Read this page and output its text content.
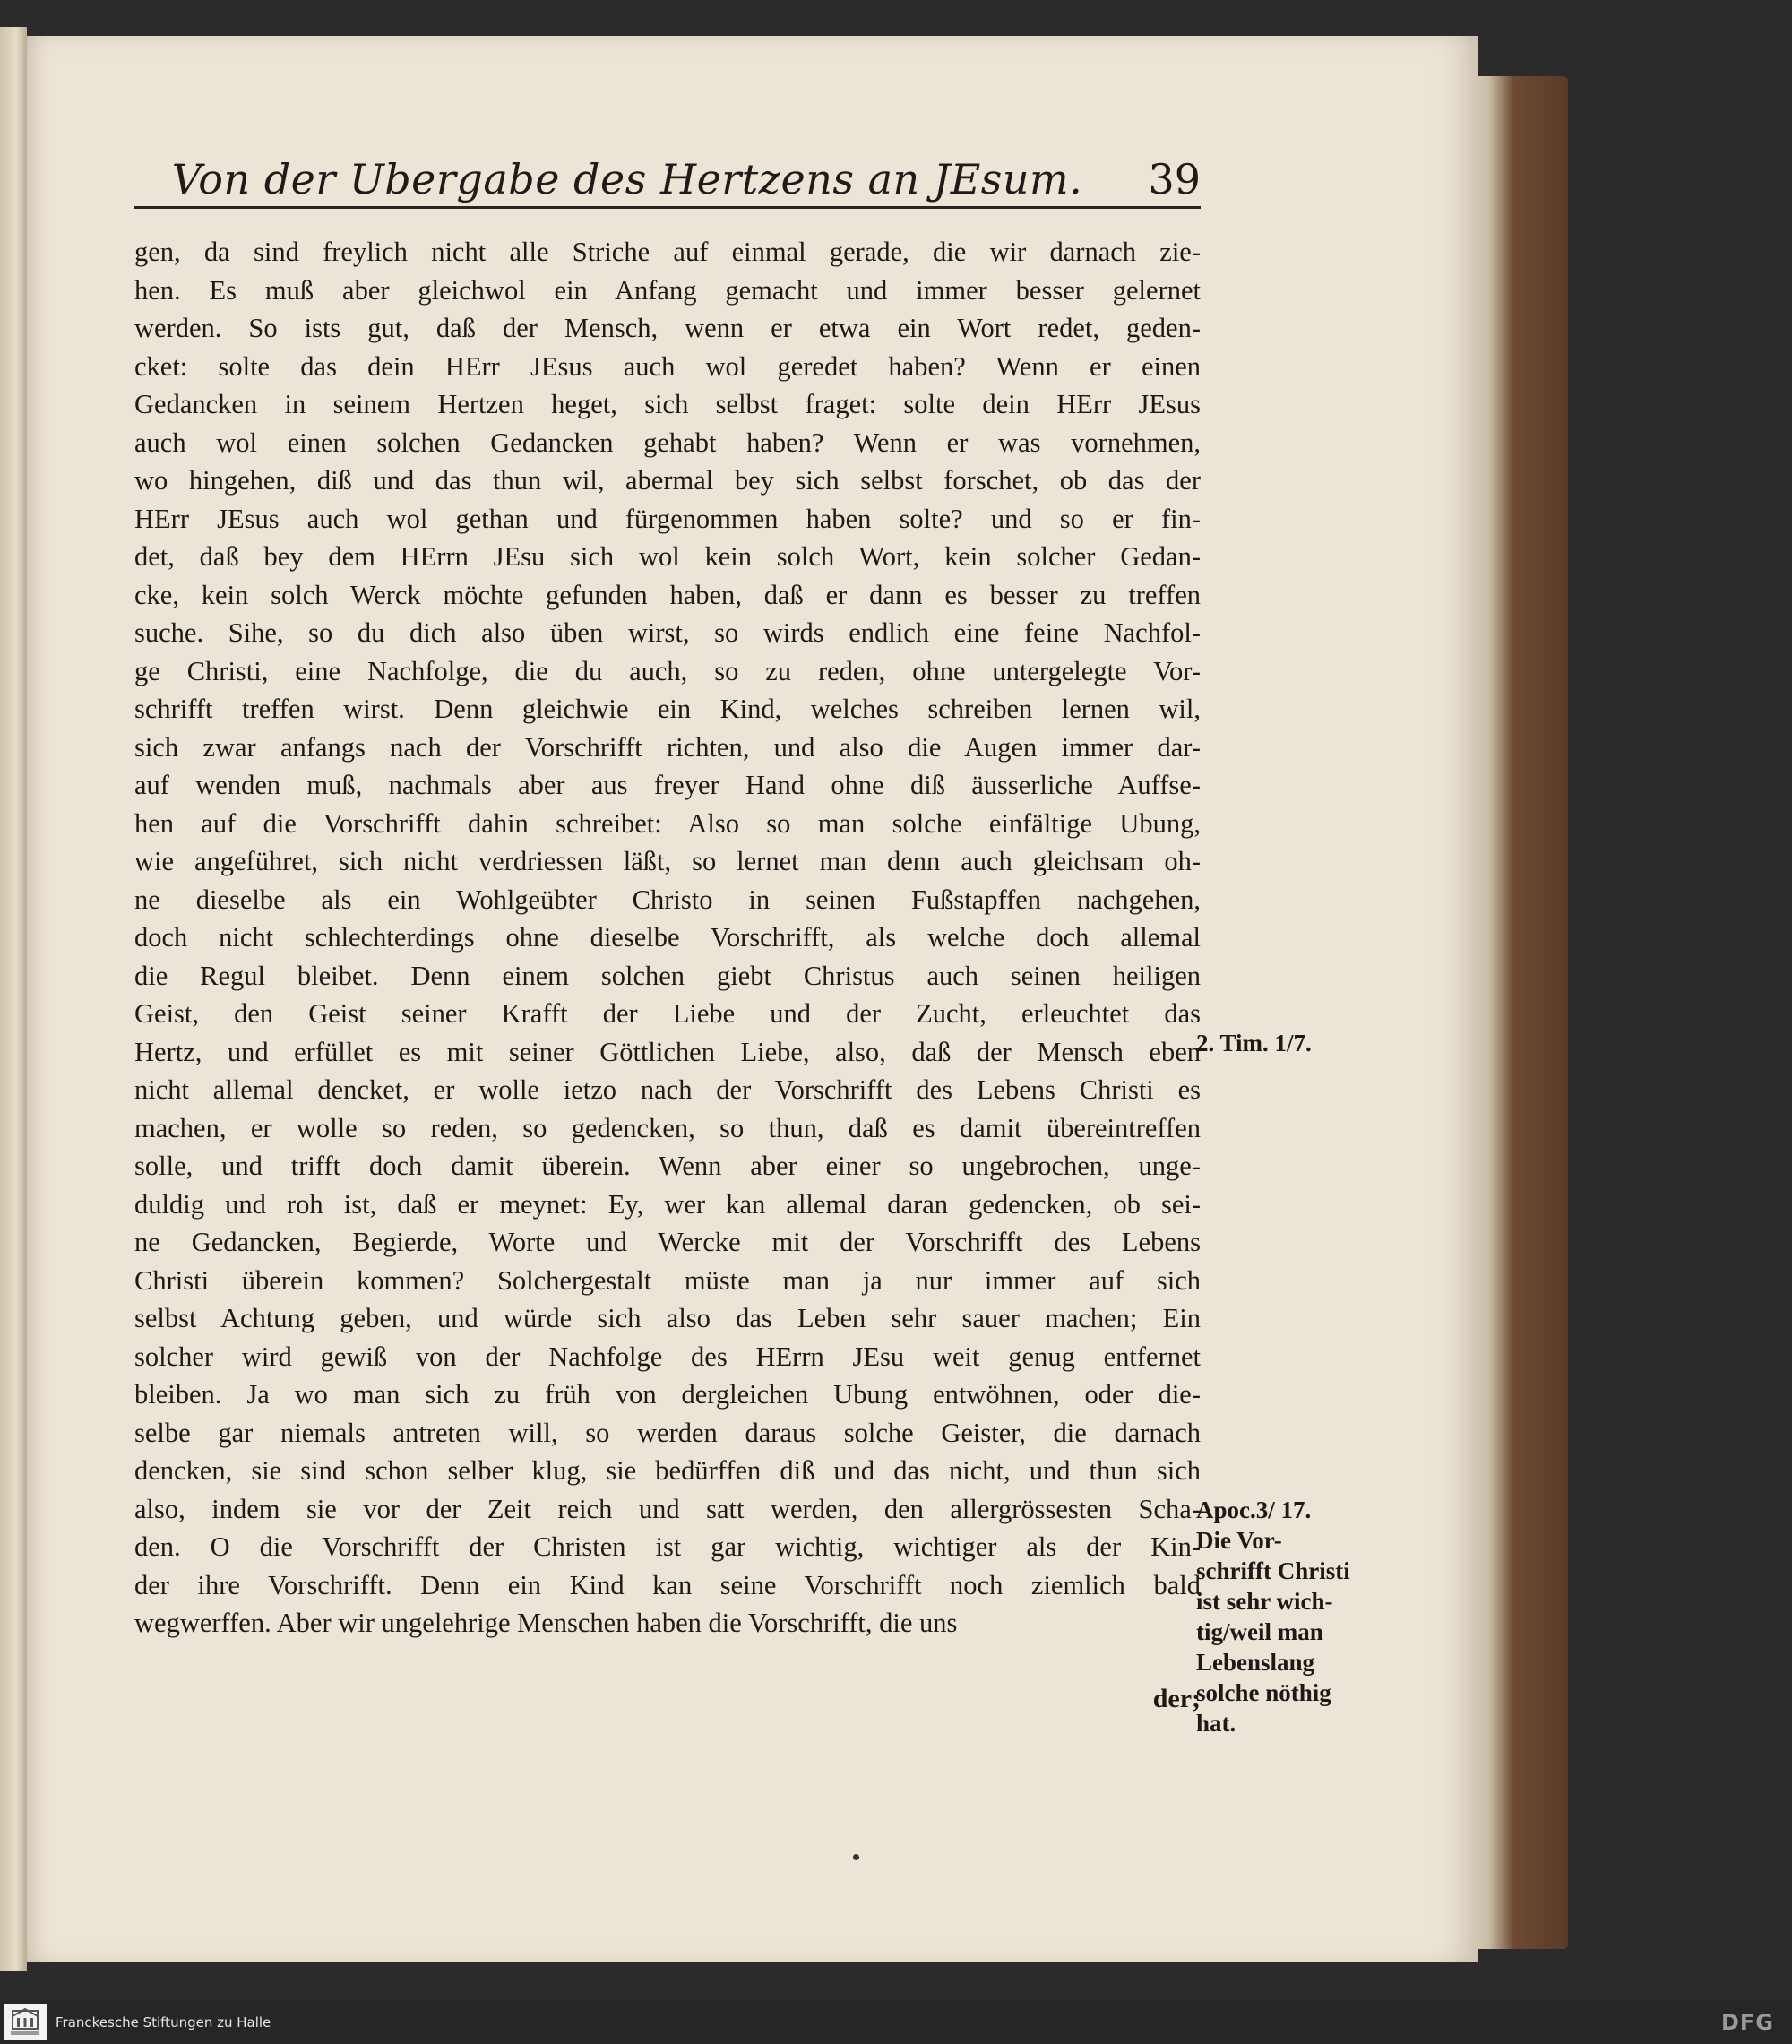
Von der Ubergabe des Hertzens an JEsum.	39
gen, da sind freylich nicht alle Striche auf einmal gerade, die wir darnach zie-
hen. Es muß aber gleichwol ein Anfang gemacht und immer besser gelernet
werden. So ists gut, daß der Mensch, wenn er etwa ein Wort redet, geden-
cket: solte das dein HErr JEsus auch wol geredet haben? Wenn er einen
Gedancken in seinem Hertzen heget, sich selbst fraget: solte dein HErr JEsus
auch wol einen solchen Gedancken gehabt haben? Wenn er was vornehmen,
wo hingehen, diß und das thun wil, abermal bey sich selbst forschet, ob das der
HErr JEsus auch wol gethan und fürgenommen haben solte? und so er fin-
det, daß bey dem HErrn JEsu sich wol kein solch Wort, kein solcher Gedan-
cke, kein solch Werck möchte gefunden haben, daß er dann es besser zu treffen
suche. Sihe, so du dich also üben wirst, so wirds endlich eine feine Nachfol-
ge Christi, eine Nachfolge, die du auch, so zu reden, ohne untergelegte Vor-
schrifft treffen wirst. Denn gleichwie ein Kind, welches schreiben lernen wil,
sich zwar anfangs nach der Vorschrifft richten, und also die Augen immer dar-
auf wenden muß, nachmals aber aus freyer Hand ohne diß äusserliche Auffse-
hen auf die Vorschrifft dahin schreibet: Also so man solche einfältige Ubung,
wie angeführet, sich nicht verdriessen läßt, so lernet man denn auch gleichsam oh-
ne dieselbe als ein Wohlgeübter Christo in seinen Fußstapffen nachgehen,
doch nicht schlechterdings ohne dieselbe Vorschrifft, als welche doch allemal
die Regul bleibet. Denn einem solchen giebt Christus auch seinen heiligen
Geist, den Geist seiner Krafft der Liebe und der Zucht, erleuchtet das
Hertz, und erfüllet es mit seiner Göttlichen Liebe, also, daß der Mensch eben
nicht allemal dencket, er wolle ietzo nach der Vorschrifft des Lebens Christi es
machen, er wolle so reden, so gedencken, so thun, daß es damit übereintreffen
solle, und trifft doch damit überein. Wenn aber einer so ungebrochen, unge-
duldig und roh ist, daß er meynet: Ey, wer kan allemal daran gedencken, ob sei-
ne Gedancken, Begierde, Worte und Wercke mit der Vorschrifft des Lebens
Christi überein kommen? Solchergestalt müste man ja nur immer auf sich
selbst Achtung geben, und würde sich also das Leben sehr sauer machen; Ein
solcher wird gewiß von der Nachfolge des HErrn JEsu weit genug entfernet
bleiben. Ja wo man sich zu früh von dergleichen Ubung entwöhnen, oder die-
selbe gar niemals antreten will, so werden daraus solche Geister, die darnach
dencken, sie sind schon selber klug, sie bedürffen diß und das nicht, und thun sich
also, indem sie vor der Zeit reich und satt werden, den allergrössesten Scha-
den. O die Vorschrifft der Christen ist gar wichtig, wichtiger als der Kin-
der ihre Vorschrifft. Denn ein Kind kan seine Vorschrifft noch ziemlich bald
wegwerffen. Aber wir ungelehrige Menschen haben die Vorschrifft, die uns
der;
2. Tim. 1/7.
Apoc.3/ 17.
Die Vor-
schrifft Christi
ist sehr wich-
tig/weil man
Lebenslang
solche nöthig
hat.
Franckesche Stiftungen zu Halle	DFG
